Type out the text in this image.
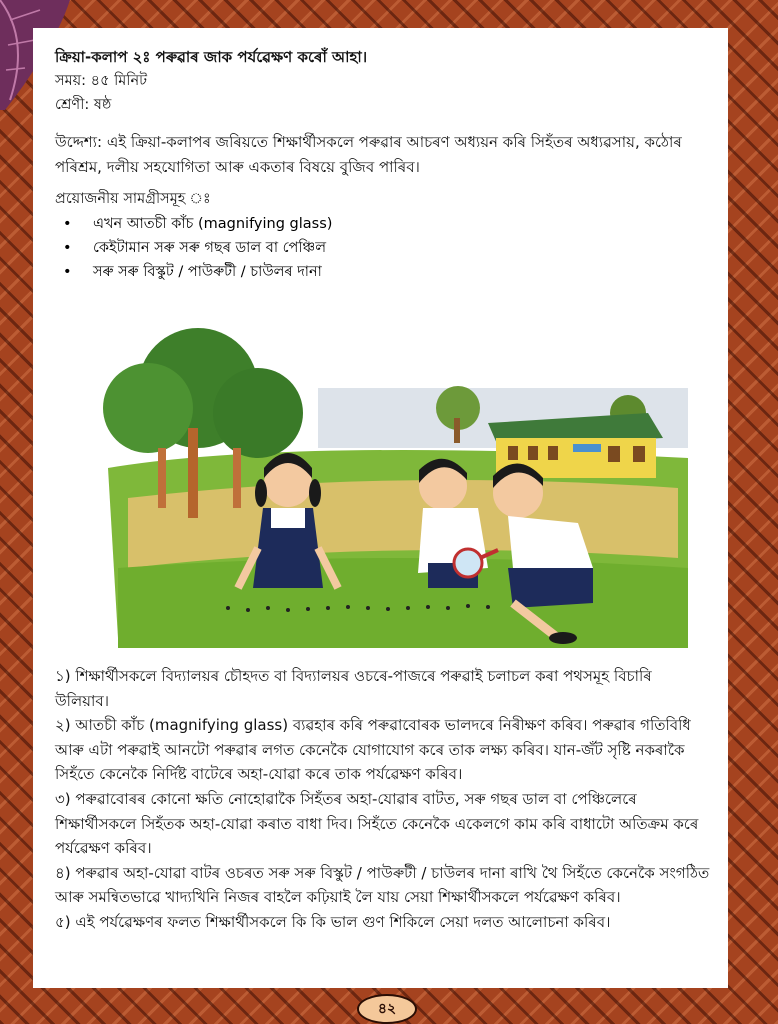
ক্ৰিয়া-কলাপ ২ঃ পৰুৱাৰ জাক পৰ্যৱেক্ষণ কৰোঁ আহা।
সময়: ৪৫ মিনিট
শ্ৰেণী: ষষ্ঠ
উদ্দেশ্য: এই ক্ৰিয়া-কলাপৰ জৰিয়তে শিক্ষাৰ্থীসকলে পৰুৱাৰ আচৰণ অধ্যয়ন কৰি সিহঁতৰ অধ্যৱসায়, কঠোৰ পৰিশ্ৰম, দলীয় সহযোগিতা আৰু একতাৰ বিষয়ে বুজিব পাৰিব।
প্ৰয়োজনীয় সামগ্ৰীসমূহ ঃ
• এখন আতচী কাঁচ (magnifying glass)
• কেইটামান সৰু সৰু গছৰ ডাল বা পেঞ্চিল
• সৰু সৰু বিস্কুট / পাউৰুটী / চাউলৰ দানা

১) শিক্ষাৰ্থীসকলে বিদ্যালয়ৰ চৌহদত বা বিদ্যালয়ৰ ওচৰে-পাজৰে পৰুৱাই চলাচল কৰা পথসমূহ বিচাৰি উলিয়াব।

২) আতচী কাঁচ (magnifying glass) ব্যৱহাৰ কৰি পৰুৱাবোৰক ভালদৰে নিৰীক্ষণ কৰিব। পৰুৱাৰ গতিবিধি আৰু এটা পৰুৱাই আনটো পৰুৱাৰ লগত কেনেকৈ যোগাযোগ কৰে তাক লক্ষ্য কৰিব। যান-জঁট সৃষ্টি নকৰাকৈ সিহঁতে কেনেকৈ নিৰ্দিষ্ট বাটেৰে অহা-যোৱা কৰে তাক পৰ্যৱেক্ষণ কৰিব।

৩) পৰুৱাবোৰৰ কোনো ক্ষতি নোহোৱাকৈ সিহঁতৰ অহা-যোৱাৰ বাটত, সৰু গছৰ ডাল বা পেঞ্চিলেৰে শিক্ষাৰ্থীসকলে সিহঁতক অহা-যোৱা কৰাত বাধা দিব। সিহঁতে কেনেকৈ একেলগে কাম কৰি বাধাটো অতিক্ৰম কৰে পৰ্যৱেক্ষণ কৰিব।

৪) পৰুৱাৰ অহা-যোৱা বাটৰ ওচৰত সৰু সৰু বিস্কুট / পাউৰুটী / চাউলৰ দানা ৰাখি থৈ সিহঁতে কেনেকৈ সংগঠিত আৰু সমন্বিতভাৱে খাদ্যখিনি নিজৰ বাহলৈ কঢ়িয়াই লৈ যায় সেয়া শিক্ষাৰ্থীসকলে পৰ্যৱেক্ষণ কৰিব।

৫) এই পৰ্যৱেক্ষণৰ ফলত শিক্ষাৰ্থীসকলে কি কি ভাল গুণ শিকিলে সেয়া দলত আলোচনা কৰিব।

৪২
